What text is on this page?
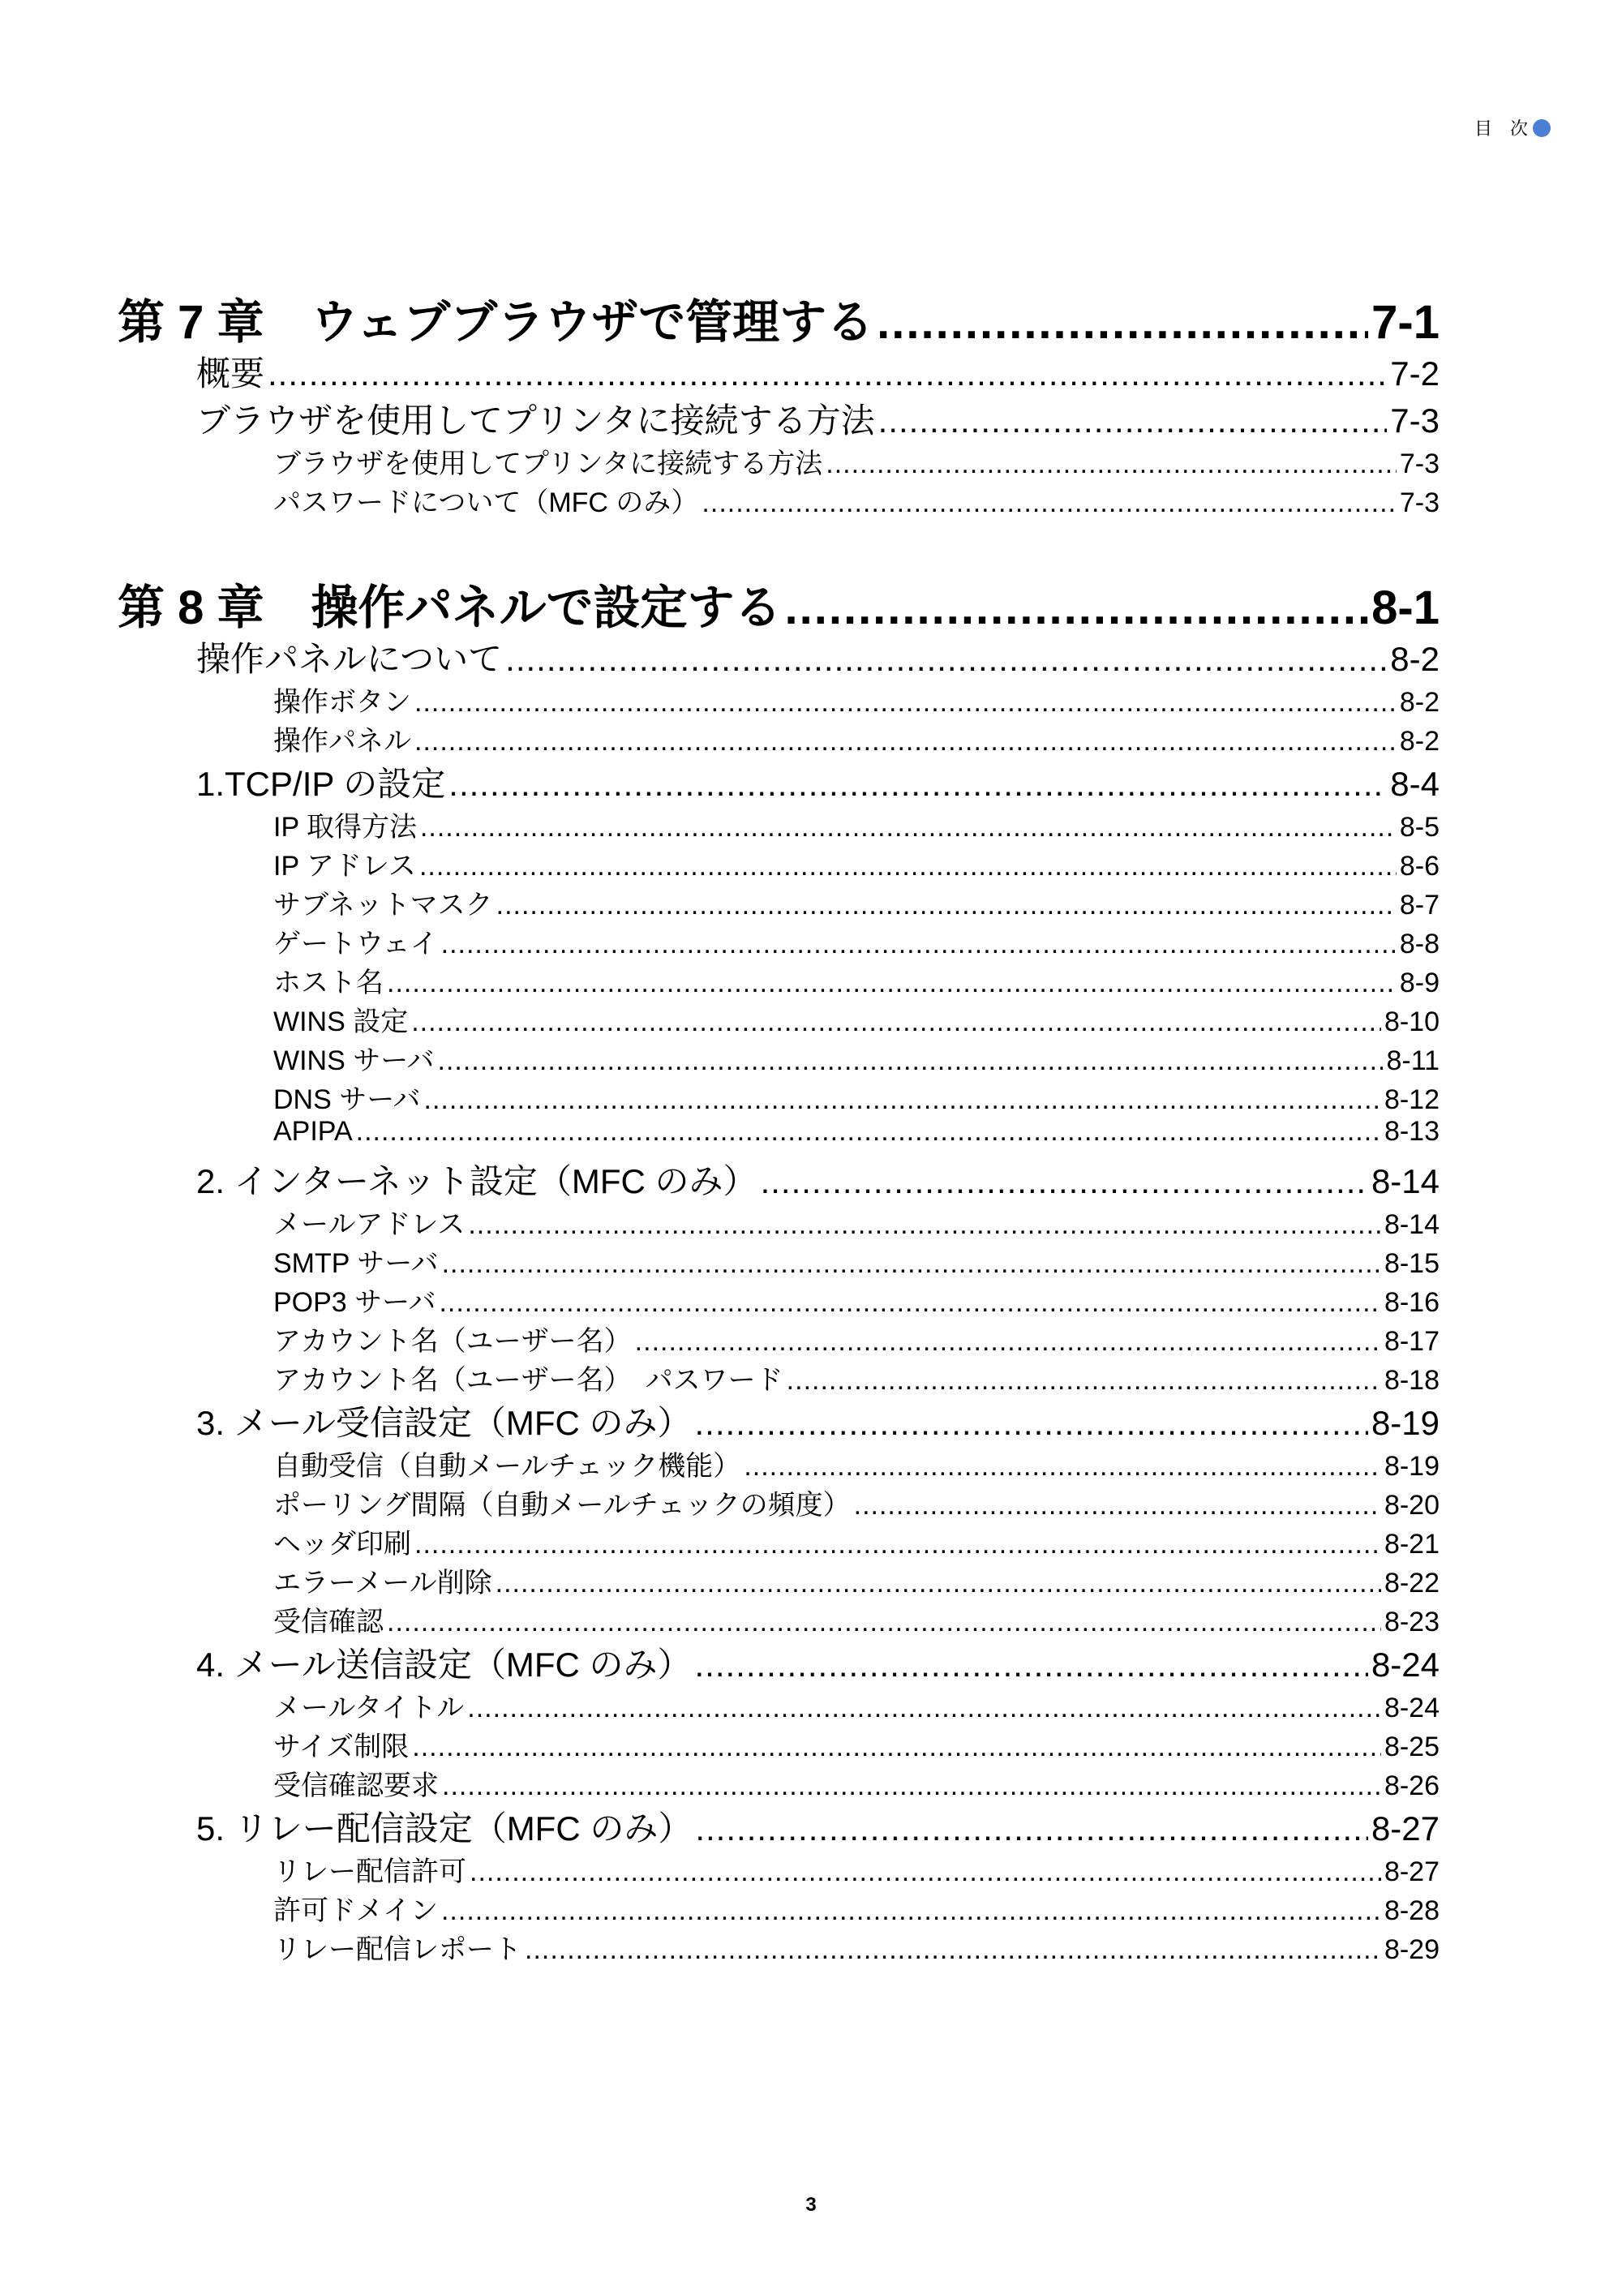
目　次
第 7 章　ウェブブラウザで管理する .....	7-1
概要 .....	7-2
ブラウザを使用してプリンタに接続する方法 .....	7-3
ブラウザを使用してプリンタに接続する方法 .....	7-3
パスワードについて（MFC のみ） .....	7-3
第 8 章　操作パネルで設定する .....	8-1
操作パネルについて .....	8-2
操作ボタン .....	8-2
操作パネル .....	8-2
1.TCP/IP の設定 .....	8-4
IP 取得方法 .....	8-5
IP アドレス .....	8-6
サブネットマスク .....	8-7
ゲートウェイ .....	8-8
ホスト名 .....	8-9
WINS 設定 .....	8-10
WINS サーバ .....	8-11
DNS サーバ .....	8-12
APIPA .....	8-13
2. インターネット設定（MFC のみ） .....	8-14
メールアドレス .....	8-14
SMTP サーバ .....	8-15
POP3 サーバ .....	8-16
アカウント名（ユーザー名） .....	8-17
アカウント名（ユーザー名）　パスワード .....	8-18
3. メール受信設定（MFC のみ） .....	8-19
自動受信（自動メールチェック機能） .....	8-19
ポーリング間隔（自動メールチェックの頻度） .....	8-20
ヘッダ印刷 .....	8-21
エラーメール削除 .....	8-22
受信確認 .....	8-23
4. メール送信設定（MFC のみ） .....	8-24
メールタイトル .....	8-24
サイズ制限 .....	8-25
受信確認要求 .....	8-26
5. リレー配信設定（MFC のみ） .....	8-27
リレー配信許可 .....	8-27
許可ドメイン .....	8-28
リレー配信レポート .....	8-29
3
